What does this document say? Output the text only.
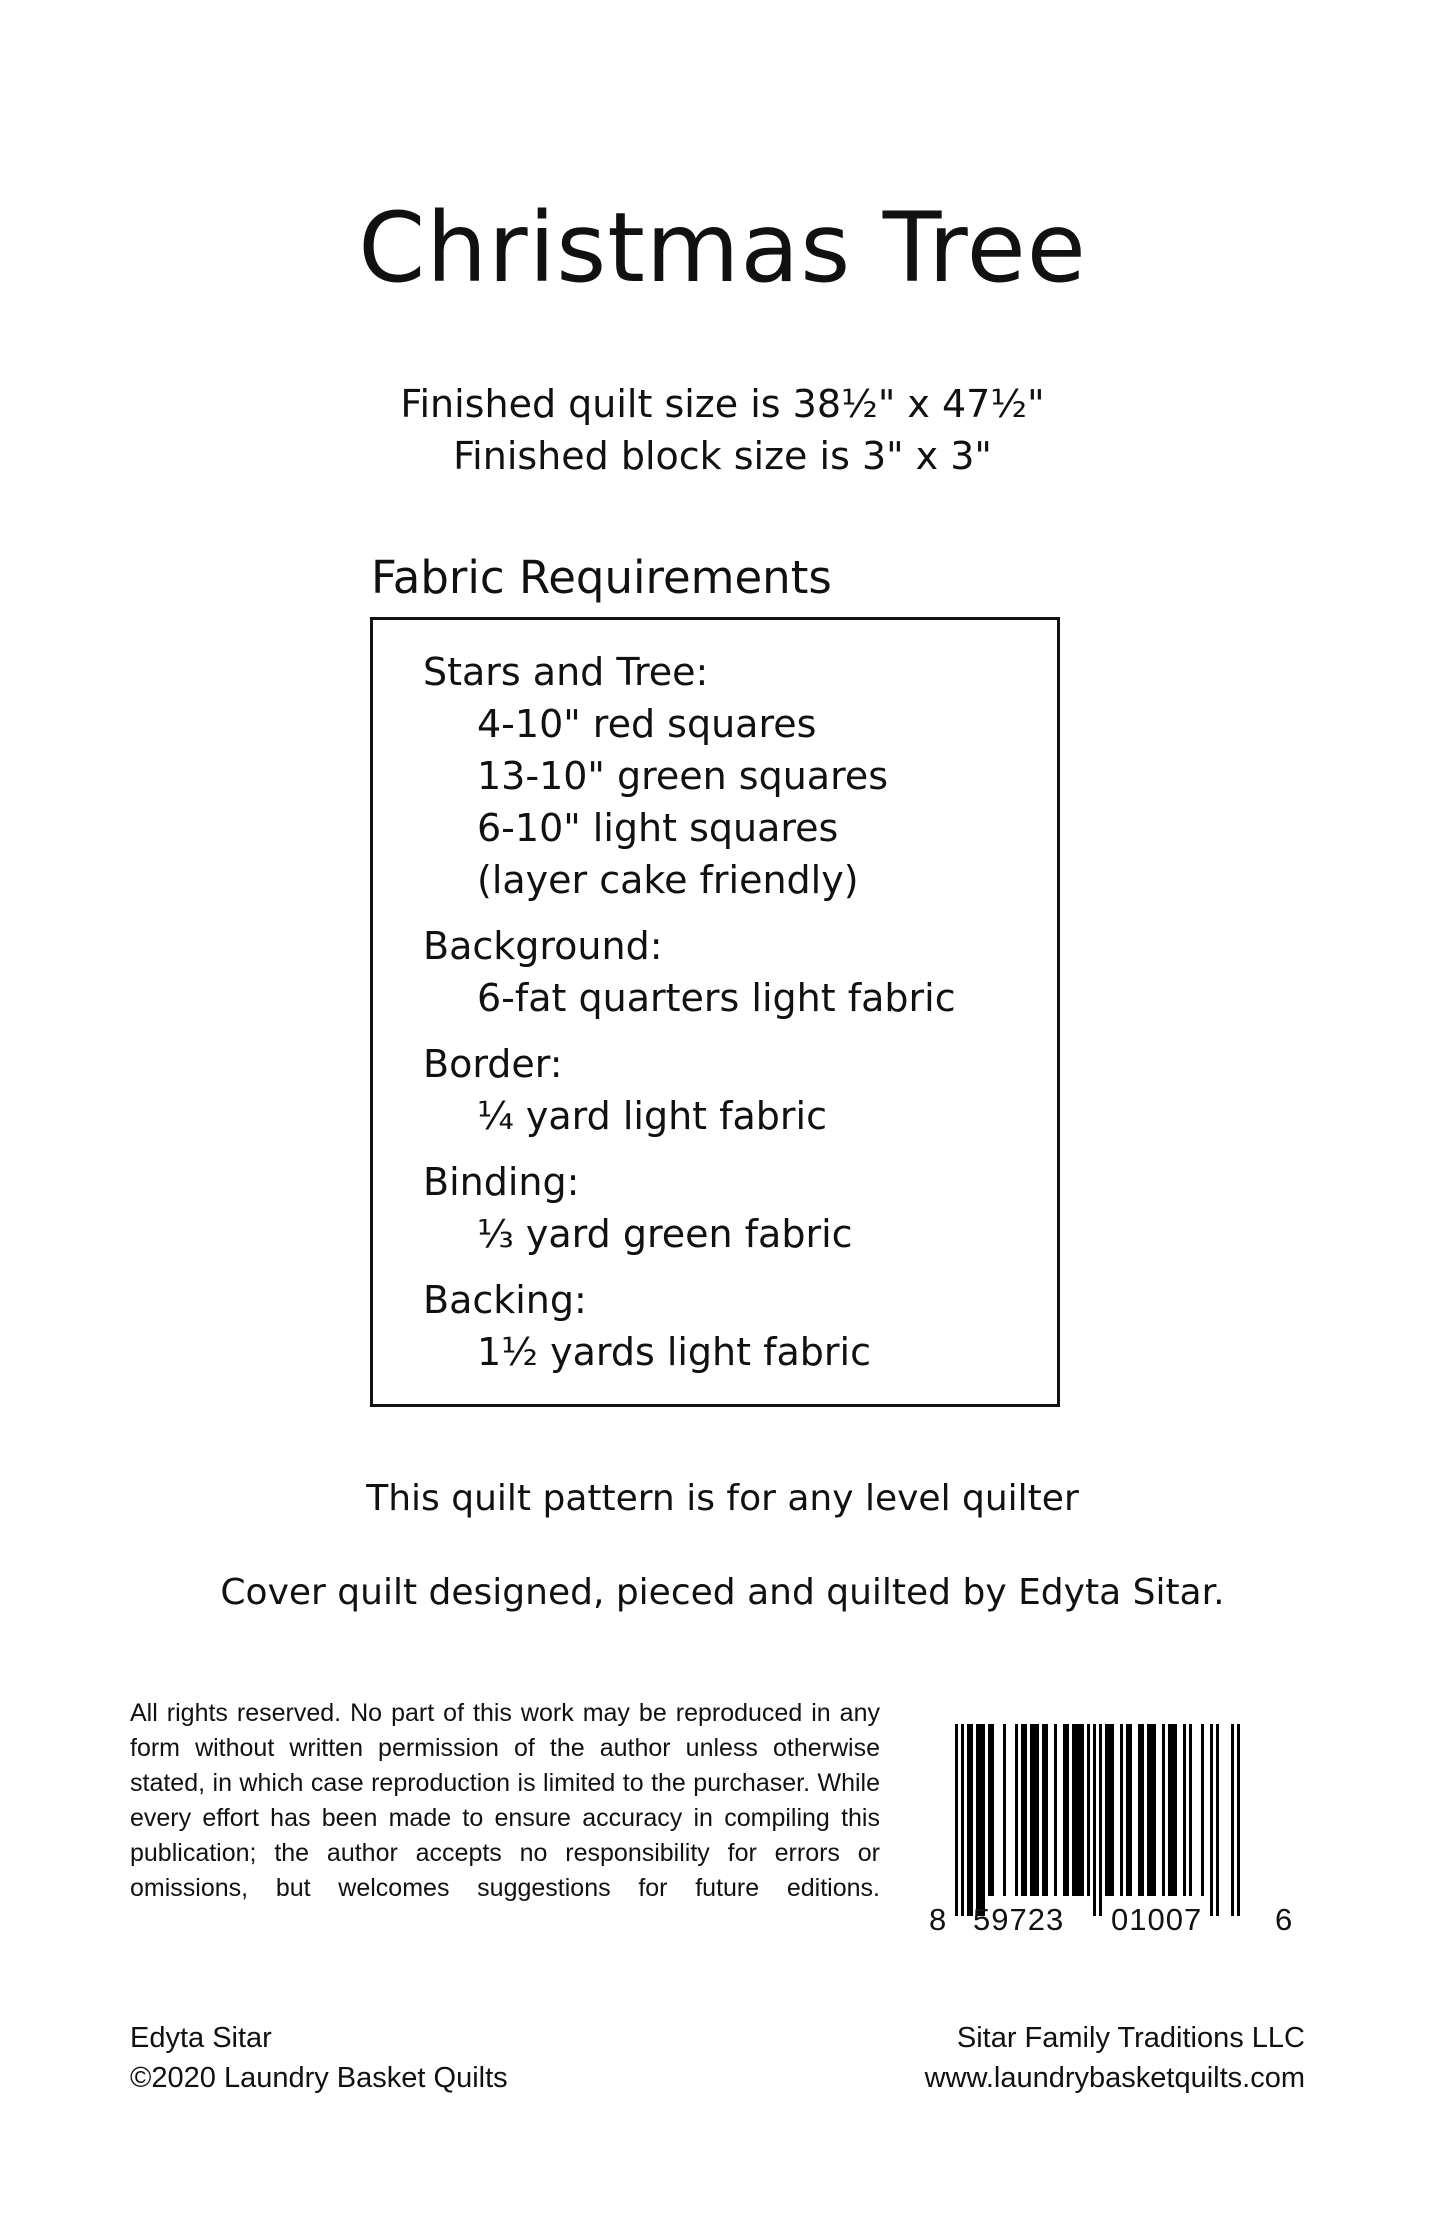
Christmas Tree
Finished quilt size is 38½" x 47½"
Finished block size is 3" x 3"
Fabric Requirements
Stars and Tree:
4-10" red squares
13-10" green squares
6-10" light squares
(layer cake friendly)
Background:
6-fat quarters light fabric
Border:
¼ yard light fabric
Binding:
⅓ yard green fabric
Backing:
1½ yards light fabric
This quilt pattern is for any level quilter
Cover quilt designed, pieced and quilted by Edyta Sitar.
All rights reserved. No part of this work may be reproduced in any form without written permission of the author unless otherwise stated, in which case reproduction is limited to the purchaser. While every effort has been made to ensure accuracy in compiling this publication; the author accepts no responsibility for errors or omissions, but welcomes suggestions for future editions.
8 59723 01007 6
Edyta Sitar
©2020 Laundry Basket Quilts
Sitar Family Traditions LLC
www.laundrybasketquilts.com
